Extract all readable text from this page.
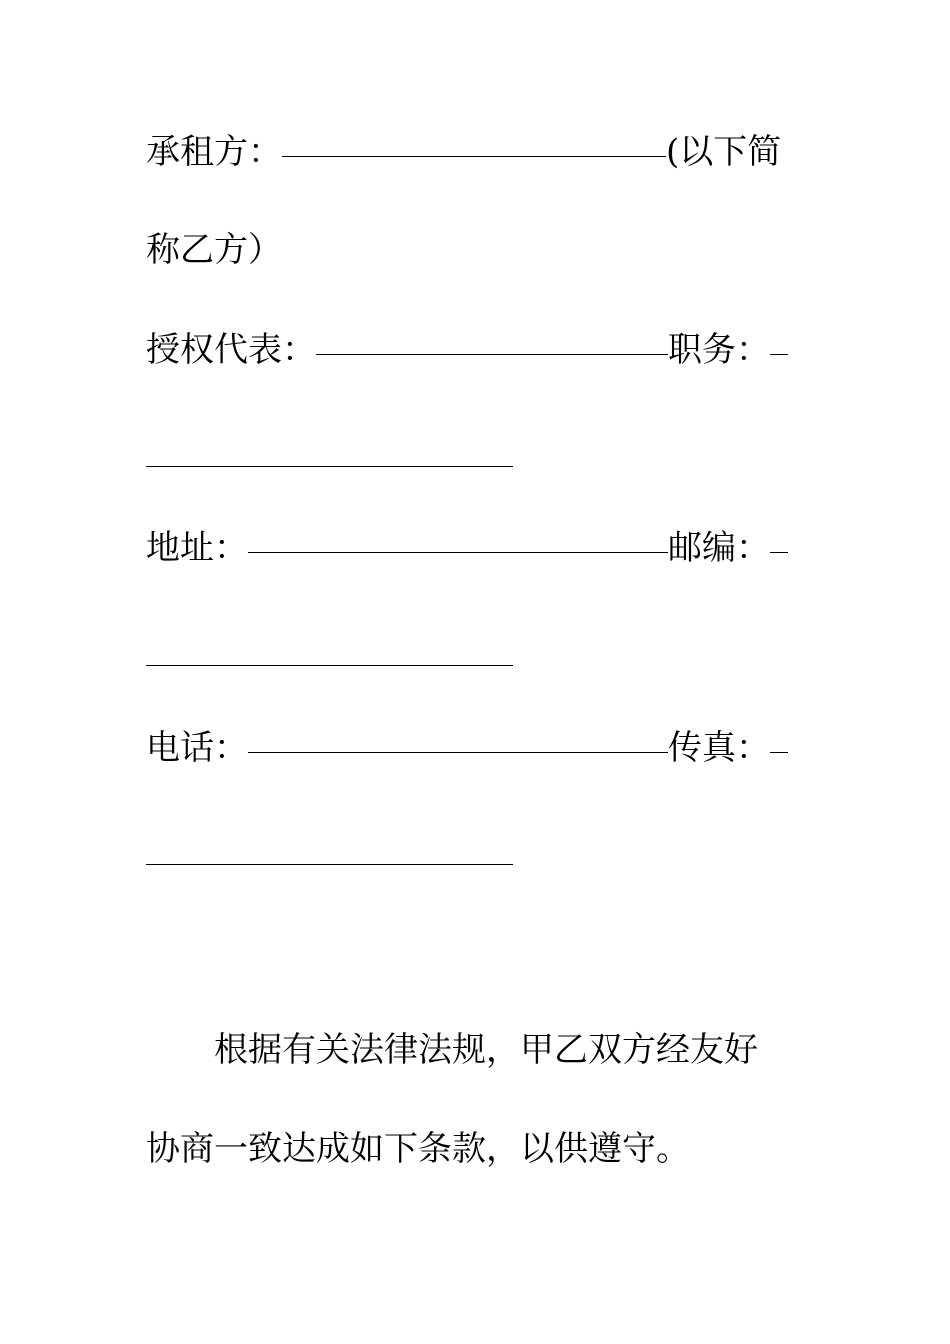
承租方：	(以下简
称乙方）
授权代表：	职务：
地址：	邮编：
电话：	传真：
根据有关法律法规，甲乙双方经友好
协商一致达成如下条款，以供遵守。
